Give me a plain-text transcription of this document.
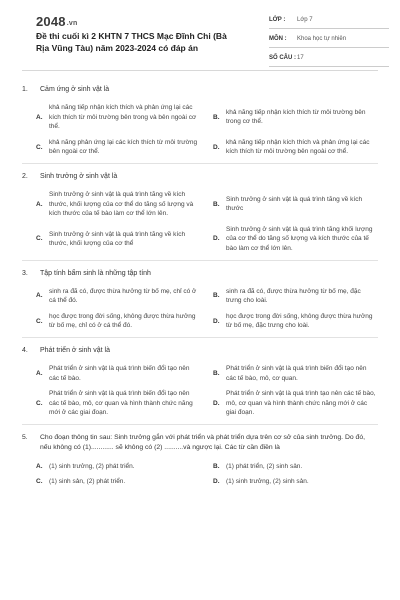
2048.vn
Đề thi cuối kì 2 KHTN 7 THCS Mạc Đĩnh Chi (Bà Rịa Vũng Tàu) năm 2023-2024 có đáp án
LỚP : Lớp 7
MÔN : Khoa học tự nhiên
SỐ CÂU : 17
1.	Cảm ứng ở sinh vật là
A.
khả năng tiếp nhận kích thích và phản ứng lại các kích thích từ môi trường bên trong và bên ngoài cơ thể.
B.
khả năng tiếp nhận kích thích từ môi trường bên trong cơ thể.
C.
khả năng phản ứng lại các kích thích từ môi trường bên ngoài cơ thể.
D.
khả năng tiếp nhận kích thích và phản ứng lại các kích thích từ môi trường bên ngoài cơ thể.
2.	Sinh trưởng ở sinh vật là
A.
Sinh trưởng ở sinh vật là quá trình tăng về kích thước, khối lượng của cơ thể do tăng số lượng và kích thước của tế bào làm cơ thể lớn lên.
B.
Sinh trưởng ở sinh vật là quá trình tăng về kích thước
C.
Sinh trưởng ở sinh vật là quá trình tăng về kích thước, khối lượng của cơ thể
D.
Sinh trưởng ở sinh vật là quá trình tăng khối lượng của cơ thể do tăng số lượng và kích thước của tế bào làm cơ thể lớn lên.
3.	Tập tính bẩm sinh là những tập tính
A.
sinh ra đã có, được thừa hưởng từ bố mẹ, chỉ có ở cá thể đó.
B.
sinh ra đã có, được thừa hưởng từ bố mẹ, đặc trưng cho loài.
C.
học được trong đời sống, không được thừa hưởng từ bố mẹ, chỉ có ở cá thể đó.
D.
học được trong đời sống, không được thừa hưởng từ bố mẹ, đặc trưng cho loài.
4.	Phát triển ở sinh vật là
A.
Phát triển ở sinh vật là quá trình biến đổi tạo nên các tế bào.
B.
Phát triển ở sinh vật là quá trình biến đổi tạo nên các tế bào, mô, cơ quan.
C.
Phát triển ở sinh vật là quá trình biến đổi tạo nên các tế bào, mô, cơ quan và hình thành chức năng mới ở các giai đoạn.
D.
Phát triển ở sinh vật là quá trình tạo nên các tế bào, mô, cơ quan và hình thành chức năng mới ở các giai đoạn.
5.	Cho đoạn thông tin sau: Sinh trưởng gắn với phát triển và phát triển dựa trên cơ sở của sinh trưởng. Do đó, nếu không có (1)............ sẽ không có (2) ..........và ngược lại. Các từ cần điền là
A.	(1) sinh trưởng, (2) phát triển.	B.	(1) phát triển, (2) sinh sản.
C.	(1) sinh sản, (2) phát triển.	D.	(1) sinh trưởng, (2) sinh sản.
